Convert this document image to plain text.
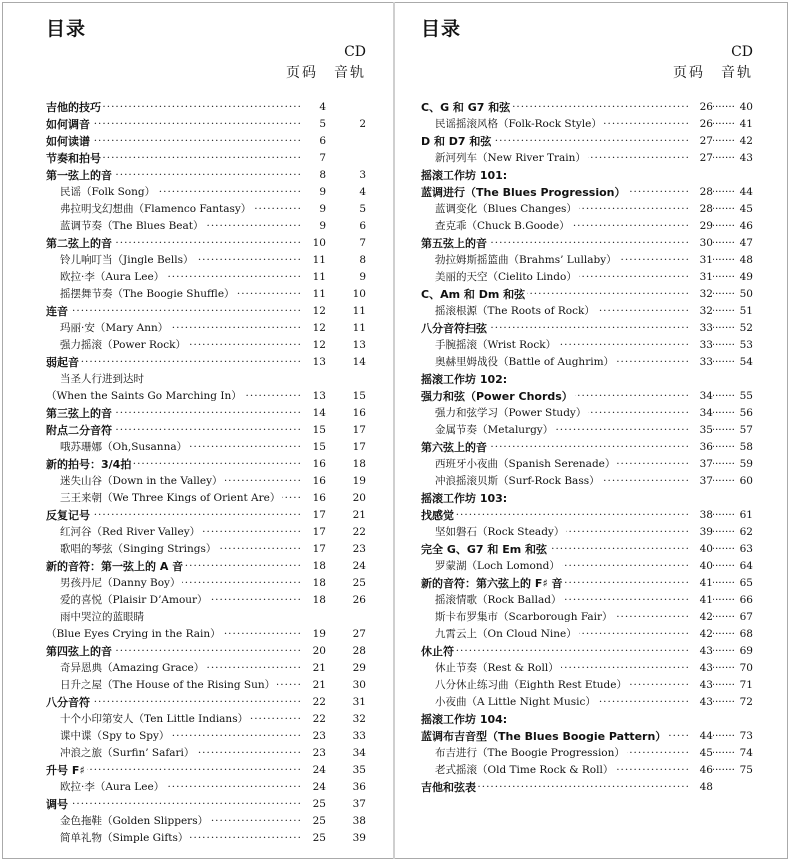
目录
CD
页码　音轨
·····
吉他的技巧	4
·····
如何调音	5	2
·····
如何读谱	6
·····
节奏和拍号	7
·····
第一弦上的音	8	3
·····
民谣（Folk Song）	9	4
·····
弗拉明戈幻想曲（Flamenco Fantasy）	9	5
·····
蓝调节奏（The Blues Beat）	9	6
·····
第二弦上的音	10	7
·····
铃儿响叮当（Jingle Bells）	11	8
·····
欧拉·李（Aura Lee）	11	9
·····
摇摆舞节奏（The Boogie Shuffle）	11	10
·····
连音	12	11
·····
玛丽·安（Mary Ann）	12	11
·····
强力摇滚（Power Rock）	12	13
·····
弱起音	13	14
当圣人行进到达时
·····
（When the Saints Go Marching In）	13	15
·····
第三弦上的音	14	16
·····
附点二分音符	15	17
·····
哦苏珊娜（Oh,Susanna）	15	17
·····
新的拍号：3/4拍	16	18
·····
迷失山谷（Down in the Valley）	16	19
·····
三王来朝（We Three Kings of Orient Are）	16	20
·····
反复记号	17	21
·····
红河谷（Red River Valley）	17	22
·····
歌唱的琴弦（Singing Strings）	17	23
·····
新的音符：第一弦上的 A 音	18	24
·····
男孩丹尼（Danny Boy）	18	25
·····
爱的喜悦（Plaisir D’Amour）	18	26
雨中哭泣的蓝眼睛
·····
（Blue Eyes Crying in the Rain）	19	27
·····
第四弦上的音	20	28
·····
奇异恩典（Amazing Grace）	21	29
·····
日升之屋（The House of the Rising Sun）	21	30
·····
八分音符	22	31
·····
十个小印第安人（Ten Little Indians）	22	32
·····
谍中谍（Spy to Spy）	23	33
·····
冲浪之旅（Surfin’ Safari）	23	34
·····
升号 F♯	24	35
·····
欧拉·李（Aura Lee）	24	36
·····
调号	25	37
·····
金色拖鞋（Golden Slippers）	25	38
·····
简单礼物（Simple Gifts）	25	39
目录
CD
页码　音轨
·····
C、G 和 G7 和弦	26	········ 40
·····
民谣摇滚风格（Folk-Rock Style）	26	········ 41
·····
D 和 D7 和弦	27	········ 42
·····
新河列车（New River Train）	27	········ 43
摇滚工作坊 101:
·····
蓝调进行（The Blues Progression）	28	········ 44
·····
蓝调变化（Blues Changes）	28	········ 45
·····
查克乖（Chuck B.Goode）	29	········ 46
·····
第五弦上的音	30	········ 47
·····
勃拉姆斯摇篮曲（Brahms’ Lullaby）	31	········ 48
·····
美丽的天空（Cielito Lindo）	31	········ 49
·····
C、Am 和 Dm 和弦	32	········ 50
·····
摇滚根源（The Roots of Rock）	32	········ 51
·····
八分音符扫弦	33	········ 52
·····
手腕摇滚（Wrist Rock）	33	········ 53
·····
奥赫里姆战役（Battle of Aughrim）	33	········ 54
摇滚工作坊 102:
·····
强力和弦（Power Chords）	34	········ 55
·····
强力和弦学习（Power Study）	34	········ 56
·····
金属节奏（Metalurgy）	35	········ 57
·····
第六弦上的音	36	········ 58
·····
西班牙小夜曲（Spanish Serenade）	37	········ 59
·····
冲浪摇滚贝斯（Surf-Rock Bass）	37	········ 60
摇滚工作坊 103:
·····
找感觉	38	········ 61
·····
坚如磐石（Rock Steady）	39	········ 62
·····
完全 G、G7 和 Em 和弦	40	········ 63
·····
罗蒙湖（Loch Lomond）	40	········ 64
·····
新的音符：第六弦上的 F♯ 音	41	········ 65
·····
摇滚情歌（Rock Ballad）	41	········ 66
·····
斯卡布罗集市（Scarborough Fair）	42	········ 67
·····
九霄云上（On Cloud Nine）	42	········ 68
·····
休止符	43	········ 69
·····
休止节奏（Rest & Roll）	43	········ 70
·····
八分休止练习曲（Eighth Rest Etude）	43	········ 71
·····
小夜曲（A Little Night Music）	43	········ 72
摇滚工作坊 104:
·····
蓝调布吉音型（The Blues Boogie Pattern）	44	········ 73
·····
布吉进行（The Boogie Progression）	45	········ 74
·····
老式摇滚（Old Time Rock & Roll）	46	········ 75
·····
吉他和弦表	48
